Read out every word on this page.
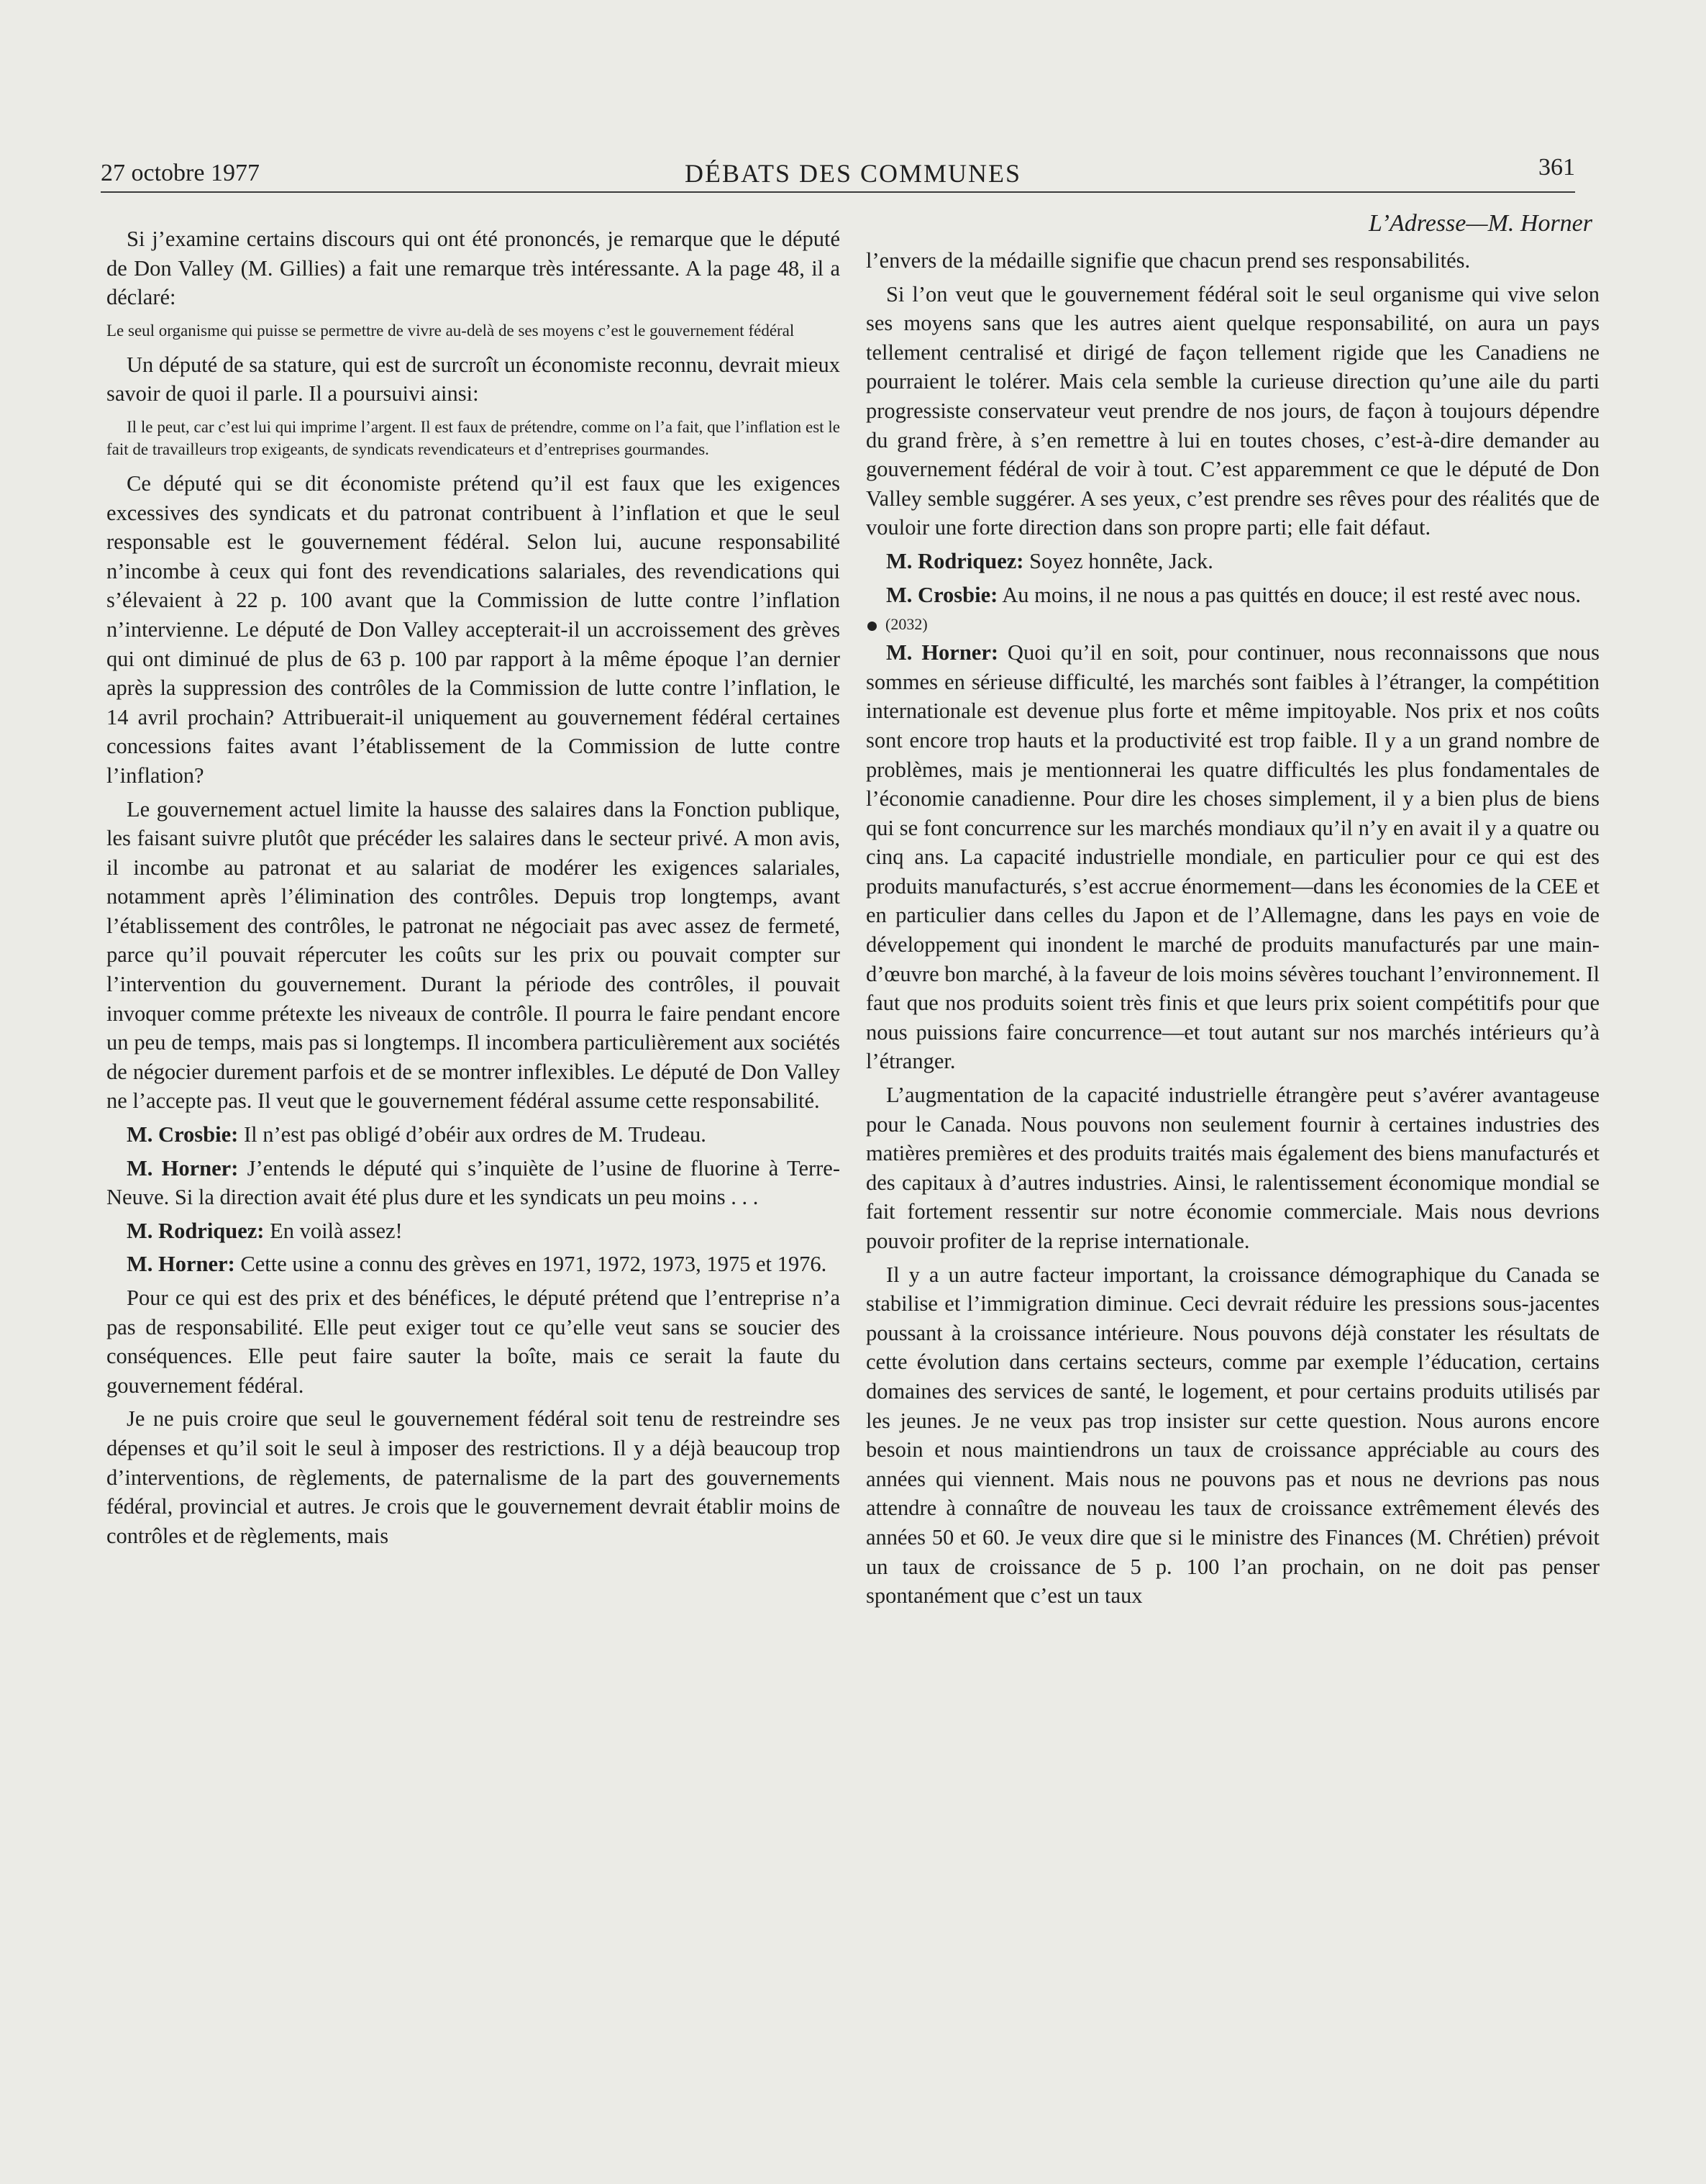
27 octobre 1977	DÉBATS DES COMMUNES	361

Si j’examine certains discours qui ont été prononcés, je remarque que le député de Don Valley (M. Gillies) a fait une remarque très intéressante. A la page 48, il a déclaré:

Le seul organisme qui puisse se permettre de vivre au-delà de ses moyens c’est le gouvernement fédéral

Un député de sa stature, qui est de surcroît un économiste reconnu, devrait mieux savoir de quoi il parle. Il a poursuivi ainsi:

Il le peut, car c’est lui qui imprime l’argent. Il est faux de prétendre, comme on l’a fait, que l’inflation est le fait de travailleurs trop exigeants, de syndicats revendicateurs et d’entreprises gourmandes.

Ce député qui se dit économiste prétend qu’il est faux que les exigences excessives des syndicats et du patronat contribuent à l’inflation et que le seul responsable est le gouvernement fédéral. Selon lui, aucune responsabilité n’incombe à ceux qui font des revendications salariales, des revendications qui s’élevaient à 22 p. 100 avant que la Commission de lutte contre l’inflation n’intervienne. Le député de Don Valley accepterait-il un accroissement des grèves qui ont diminué de plus de 63 p. 100 par rapport à la même époque l’an dernier après la suppression des contrôles de la Commission de lutte contre l’inflation, le 14 avril prochain? Attribuerait-il uniquement au gouvernement fédéral certaines concessions faites avant l’établissement de la Commission de lutte contre l’inflation?

Le gouvernement actuel limite la hausse des salaires dans la Fonction publique, les faisant suivre plutôt que précéder les salaires dans le secteur privé. A mon avis, il incombe au patronat et au salariat de modérer les exigences salariales, notamment après l’élimination des contrôles. Depuis trop longtemps, avant l’établissement des contrôles, le patronat ne négociait pas avec assez de fermeté, parce qu’il pouvait répercuter les coûts sur les prix ou pouvait compter sur l’intervention du gouvernement. Durant la période des contrôles, il pouvait invoquer comme prétexte les niveaux de contrôle. Il pourra le faire pendant encore un peu de temps, mais pas si longtemps. Il incombera particulièrement aux sociétés de négocier durement parfois et de se montrer inflexibles. Le député de Don Valley ne l’accepte pas. Il veut que le gouvernement fédéral assume cette responsabilité.

M. Crosbie: Il n’est pas obligé d’obéir aux ordres de M. Trudeau.

M. Horner: J’entends le député qui s’inquiète de l’usine de fluorine à Terre-Neuve. Si la direction avait été plus dure et les syndicats un peu moins . . .

M. Rodriquez: En voilà assez!

M. Horner: Cette usine a connu des grèves en 1971, 1972, 1973, 1975 et 1976.

Pour ce qui est des prix et des bénéfices, le député prétend que l’entreprise n’a pas de responsabilité. Elle peut exiger tout ce qu’elle veut sans se soucier des conséquences. Elle peut faire sauter la boîte, mais ce serait la faute du gouvernement fédéral.

Je ne puis croire que seul le gouvernement fédéral soit tenu de restreindre ses dépenses et qu’il soit le seul à imposer des restrictions. Il y a déjà beaucoup trop d’interventions, de règlements, de paternalisme de la part des gouvernements fédéral, provincial et autres. Je crois que le gouvernement devrait établir moins de contrôles et de règlements, mais

L’Adresse—M. Horner

l’envers de la médaille signifie que chacun prend ses responsabilités.

Si l’on veut que le gouvernement fédéral soit le seul organisme qui vive selon ses moyens sans que les autres aient quelque responsabilité, on aura un pays tellement centralisé et dirigé de façon tellement rigide que les Canadiens ne pourraient le tolérer. Mais cela semble la curieuse direction qu’une aile du parti progressiste conservateur veut prendre de nos jours, de façon à toujours dépendre du grand frère, à s’en remettre à lui en toutes choses, c’est-à-dire demander au gouvernement fédéral de voir à tout. C’est apparemment ce que le député de Don Valley semble suggérer. A ses yeux, c’est prendre ses rêves pour des réalités que de vouloir une forte direction dans son propre parti; elle fait défaut.

M. Rodriquez: Soyez honnête, Jack.

M. Crosbie: Au moins, il ne nous a pas quittés en douce; il est resté avec nous.

(2032)

M. Horner: Quoi qu’il en soit, pour continuer, nous reconnaissons que nous sommes en sérieuse difficulté, les marchés sont faibles à l’étranger, la compétition internationale est devenue plus forte et même impitoyable. Nos prix et nos coûts sont encore trop hauts et la productivité est trop faible. Il y a un grand nombre de problèmes, mais je mentionnerai les quatre difficultés les plus fondamentales de l’économie canadienne. Pour dire les choses simplement, il y a bien plus de biens qui se font concurrence sur les marchés mondiaux qu’il n’y en avait il y a quatre ou cinq ans. La capacité industrielle mondiale, en particulier pour ce qui est des produits manufacturés, s’est accrue énormement—dans les économies de la CEE et en particulier dans celles du Japon et de l’Allemagne, dans les pays en voie de développement qui inondent le marché de produits manufacturés par une main-d’œuvre bon marché, à la faveur de lois moins sévères touchant l’environnement. Il faut que nos produits soient très finis et que leurs prix soient compétitifs pour que nous puissions faire concurrence—et tout autant sur nos marchés intérieurs qu’à l’étranger.

L’augmentation de la capacité industrielle étrangère peut s’avérer avantageuse pour le Canada. Nous pouvons non seulement fournir à certaines industries des matières premières et des produits traités mais également des biens manufacturés et des capitaux à d’autres industries. Ainsi, le ralentissement économique mondial se fait fortement ressentir sur notre économie commerciale. Mais nous devrions pouvoir profiter de la reprise internationale.

Il y a un autre facteur important, la croissance démographique du Canada se stabilise et l’immigration diminue. Ceci devrait réduire les pressions sous-jacentes poussant à la croissance intérieure. Nous pouvons déjà constater les résultats de cette évolution dans certains secteurs, comme par exemple l’éducation, certains domaines des services de santé, le logement, et pour certains produits utilisés par les jeunes. Je ne veux pas trop insister sur cette question. Nous aurons encore besoin et nous maintiendrons un taux de croissance appréciable au cours des années qui viennent. Mais nous ne pouvons pas et nous ne devrions pas nous attendre à connaître de nouveau les taux de croissance extrêmement élevés des années 50 et 60. Je veux dire que si le ministre des Finances (M. Chrétien) prévoit un taux de croissance de 5 p. 100 l’an prochain, on ne doit pas penser spontanément que c’est un taux
